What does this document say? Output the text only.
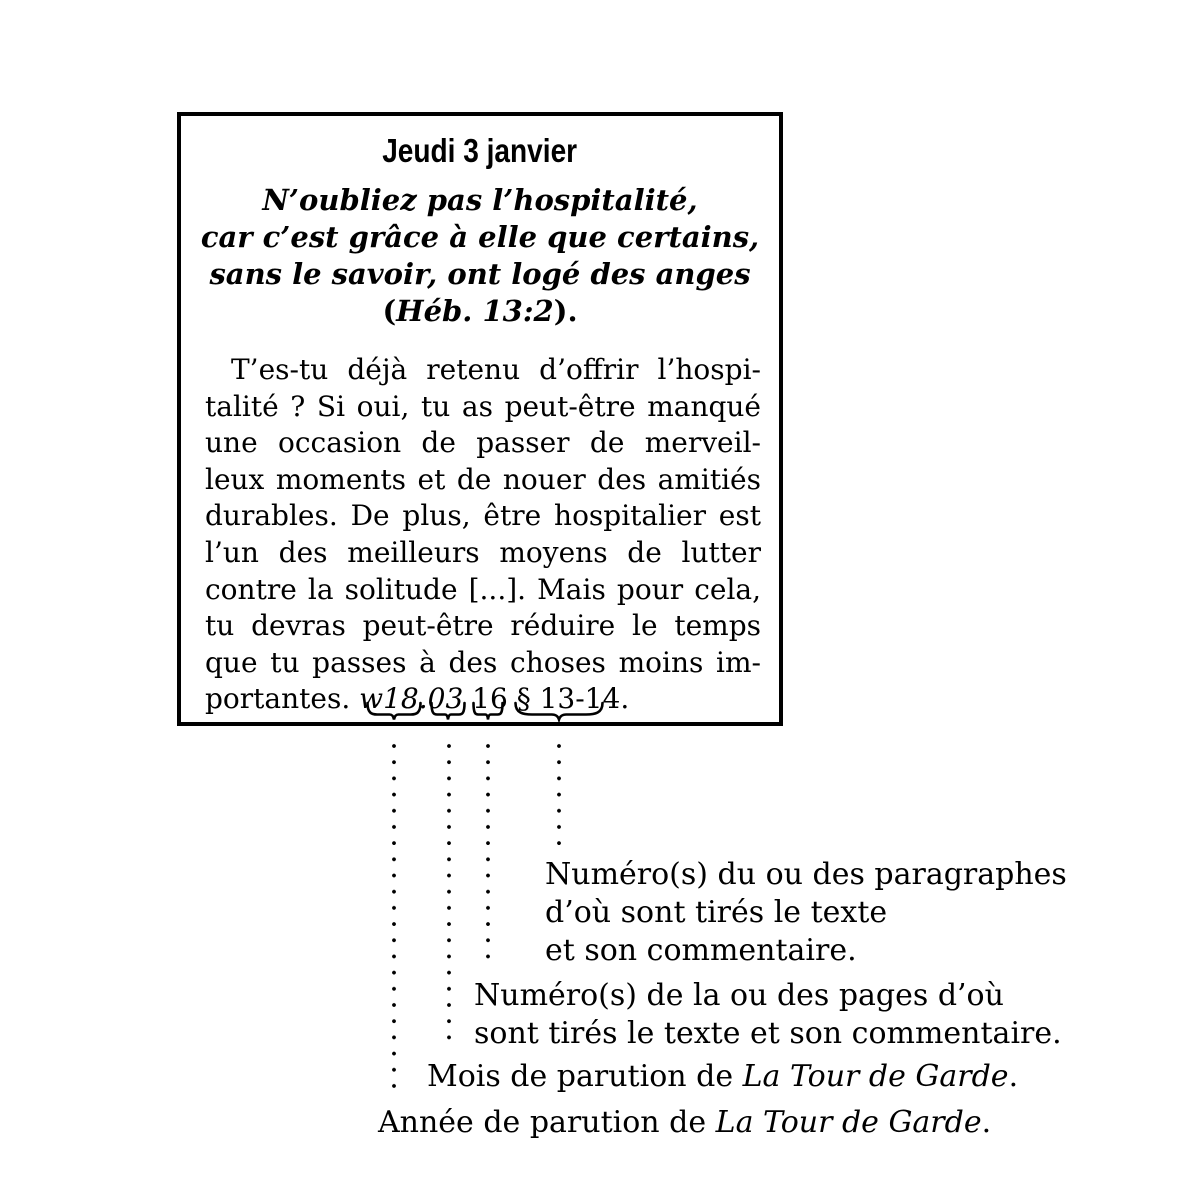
Jeudi 3 janvier
N’oubliez pas l’hospitalité,
car c’est grâce à elle que certains,
sans le savoir, ont logé des anges
(Héb. 13:2).
T’es-tu déjà retenu d’offrir l’hospi-
talité ? Si oui, tu as peut-être manqué
une occasion de passer de merveil-
leux moments et de nouer des amitiés
durables. De plus, être hospitalier est
l’un des meilleurs moyens de lutter
contre la solitude [...]. Mais pour cela,
tu devras peut-être réduire le temps
que tu passes à des choses moins im-
portantes. w18.03 16 § 13-14.
Numéro(s) du ou des paragraphes
d’où sont tirés le texte
et son commentaire.
Numéro(s) de la ou des pages d’où
sont tirés le texte et son commentaire.
Mois de parution de La Tour de Garde.
Année de parution de La Tour de Garde.
